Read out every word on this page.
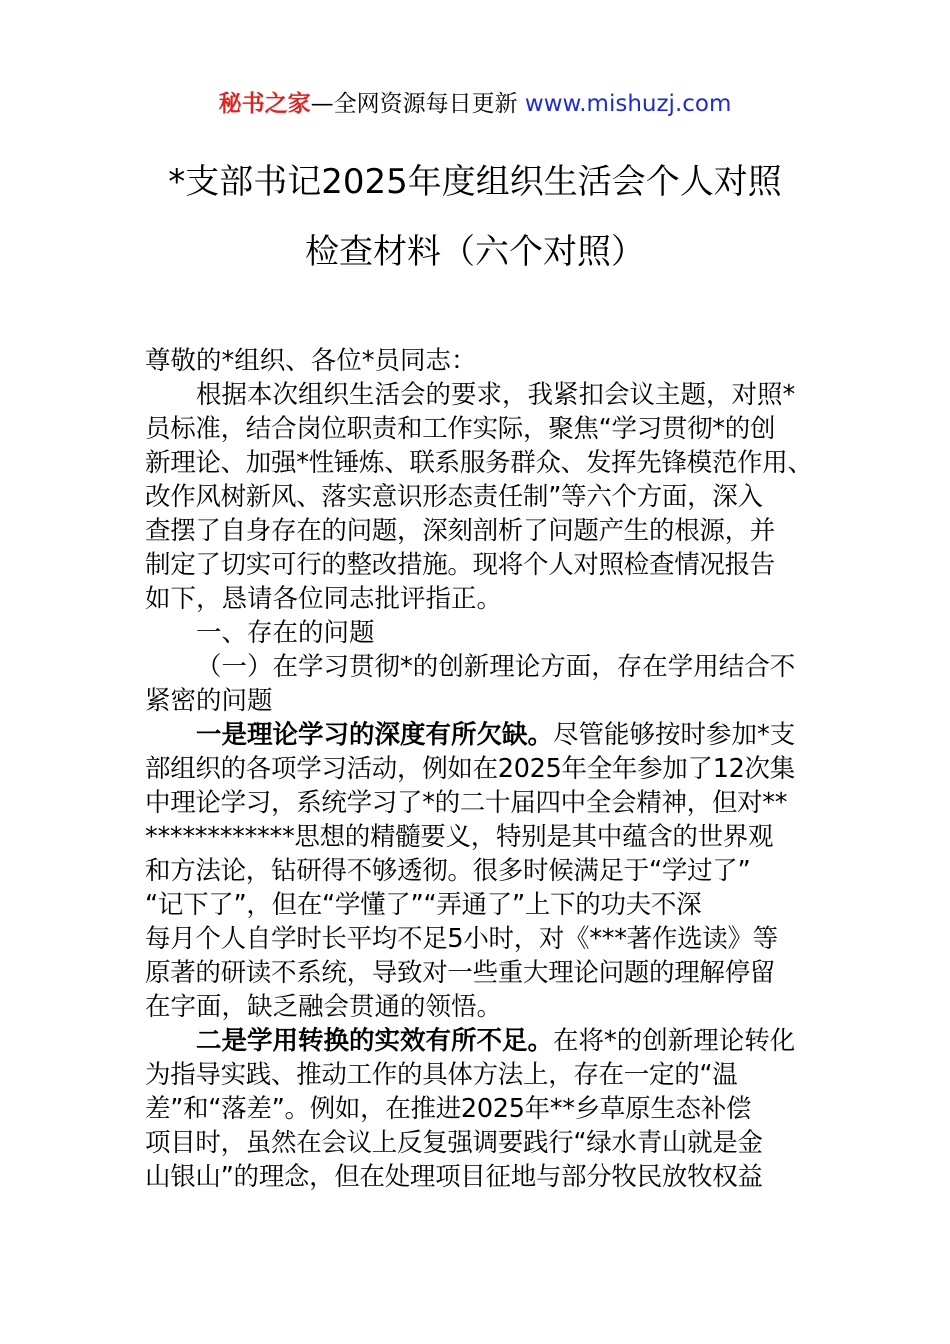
秘书之家—全网资源每日更新 www.mishuzj.com
*支部书记2025年度组织生活会个人对照
检查材料（六个对照）
尊敬的*组织、各位*员同志：
根据本次组织生活会的要求，我紧扣会议主题，对照*
员标准，结合岗位职责和工作实际，聚焦“学习贯彻*的创
新理论、加强*性锤炼、联系服务群众、发挥先锋模范作用、
改作风树新风、落实意识形态责任制”等六个方面，深入
查摆了自身存在的问题，深刻剖析了问题产生的根源，并
制定了切实可行的整改措施。现将个人对照检查情况报告
如下，恳请各位同志批评指正。
一、存在的问题
（一）在学习贯彻*的创新理论方面，存在学用结合不
紧密的问题
一是理论学习的深度有所欠缺。尽管能够按时参加*支
部组织的各项学习活动，例如在2025年全年参加了12次集
中理论学习，系统学习了*的二十届四中全会精神，但对**
************思想的精髓要义，特别是其中蕴含的世界观
和方法论，钻研得不够透彻。很多时候满足于“学过了”
“记下了”，但在“学懂了”“弄通了”上下的功夫不深
每月个人自学时长平均不足5小时，对《***著作选读》等
原著的研读不系统，导致对一些重大理论问题的理解停留
在字面，缺乏融会贯通的领悟。
二是学用转换的实效有所不足。在将*的创新理论转化
为指导实践、推动工作的具体方法上，存在一定的“温
差”和“落差”。例如，在推进2025年**乡草原生态补偿
项目时，虽然在会议上反复强调要践行“绿水青山就是金
山银山”的理念，但在处理项目征地与部分牧民放牧权益
